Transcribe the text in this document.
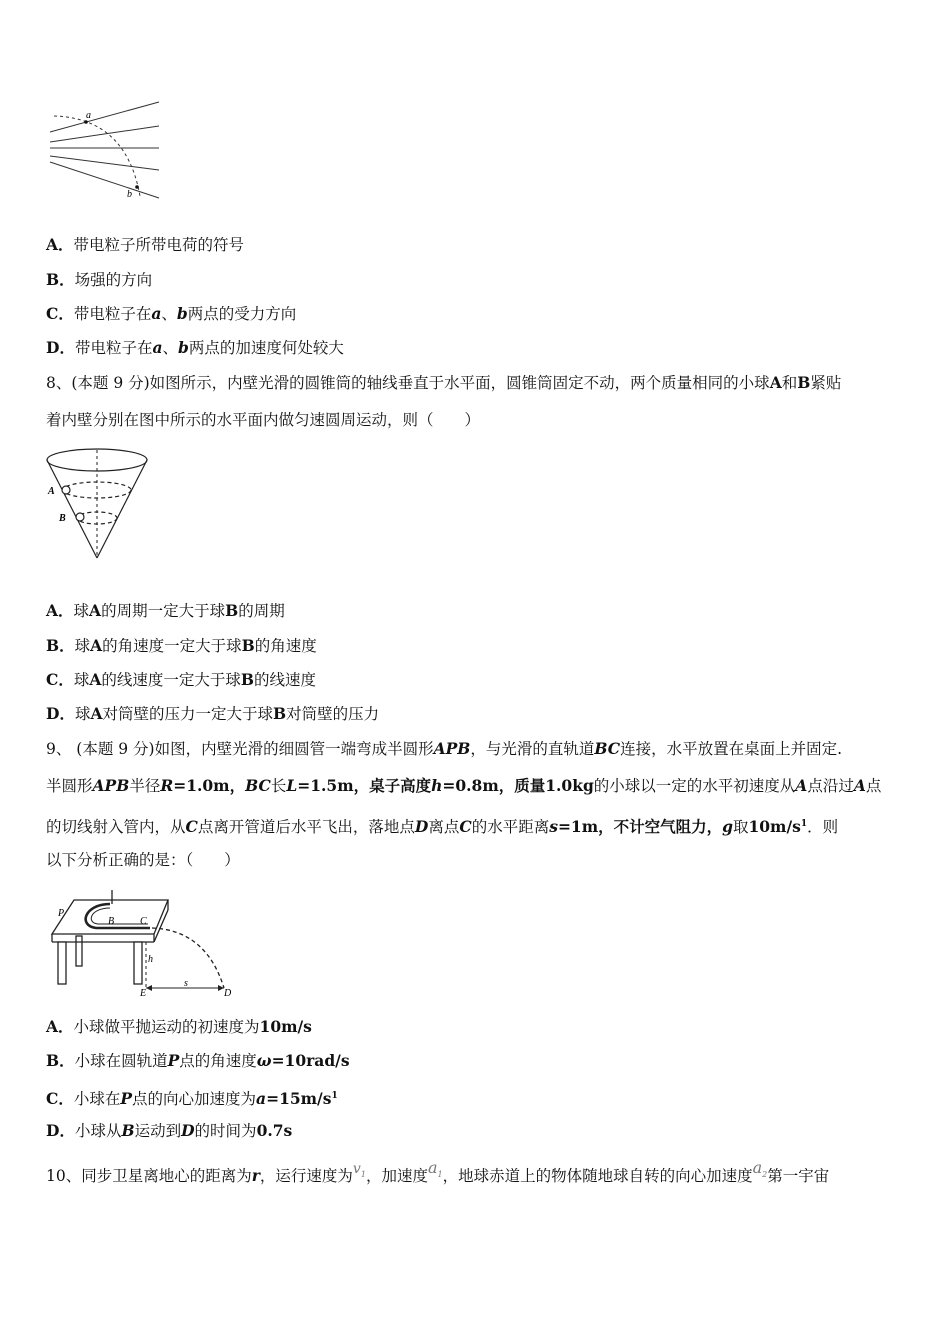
a
b
A．带电粒子所带电荷的符号
B．场强的方向
C．带电粒子在a、b两点的受力方向
D．带电粒子在a、b两点的加速度何处较大
8、(本题 9 分)如图所示，内壁光滑的圆锥筒的轴线垂直于水平面，圆锥筒固定不动，两个质量相同的小球A和B紧贴
着内壁分别在图中所示的水平面内做匀速圆周运动，则（　　）
A
B
A．球A的周期一定大于球B的周期
B．球A的角速度一定大于球B的角速度
C．球A的线速度一定大于球B的线速度
D．球A对筒壁的压力一定大于球B对筒壁的压力
9、 (本题 9 分)如图，内壁光滑的细圆管一端弯成半圆形APB，与光滑的直轨道BC连接，水平放置在桌面上并固定.
半圆形APB半径R=1.0m，BC长L=1.5m，桌子高度h=0.8m，质量1.0kg的小球以一定的水平初速度从A点沿过A点
的切线射入管内，从C点离开管道后水平飞出，落地点D离点C的水平距离s=1m，不计空气阻力，g取$10m/s^1$．则
以下分析正确的是：（　　）
P
B	C
h
E
s
D
A．小球做平抛运动的初速度为10m/s
B．小球在圆轨道P点的角速度ω=10rad/s
C．小球在P点的向心加速度为$a=15m/s^1$
D．小球从B运动到D的时间为0.7s
10、同步卫星离地心的距离为r，运行速度为$v_1$，加速度$a_1$，地球赤道上的物体随地球自转的向心加速度$a_2$第一宇宙
